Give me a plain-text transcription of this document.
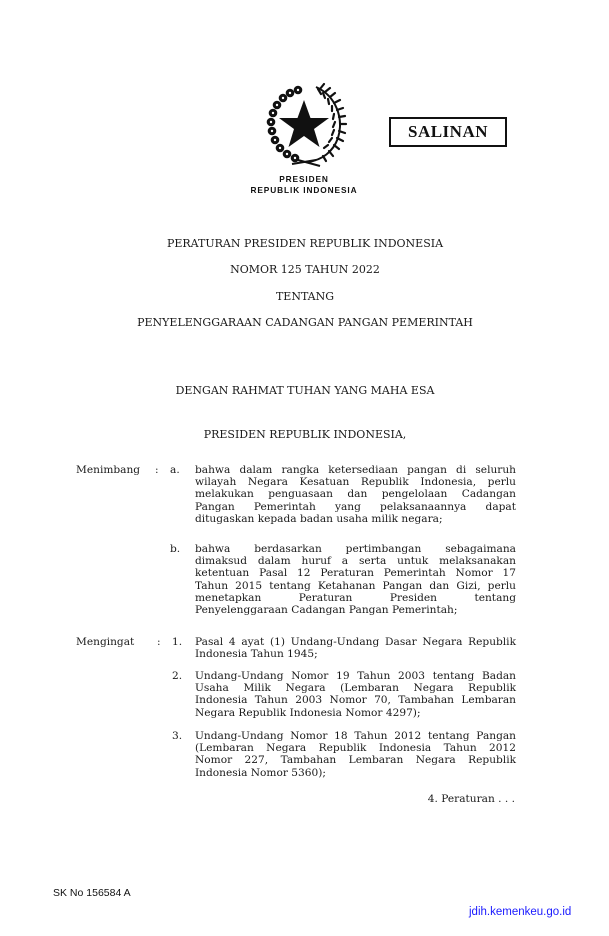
SALINAN
PRESIDEN
REPUBLIK INDONESIA
PERATURAN PRESIDEN REPUBLIK INDONESIA
NOMOR 125 TAHUN 2022
TENTANG
PENYELENGGARAAN CADANGAN PANGAN PEMERINTAH
DENGAN RAHMAT TUHAN YANG MAHA ESA
PRESIDEN REPUBLIK INDONESIA,
Menimbang : a. bahwa dalam rangka ketersediaan pangan di seluruh
wilayah Negara Kesatuan Republik Indonesia, perlu
melakukan penguasaan dan pengelolaan Cadangan
Pangan Pemerintah yang pelaksanaannya dapat
ditugaskan kepada badan usaha milik negara;
b. bahwa berdasarkan pertimbangan sebagaimana
dimaksud dalam huruf a serta untuk melaksanakan
ketentuan Pasal 12 Peraturan Pemerintah Nomor 17
Tahun 2015 tentang Ketahanan Pangan dan Gizi, perlu
menetapkan Peraturan Presiden tentang
Penyelenggaraan Cadangan Pangan Pemerintah;
Mengingat : 1. Pasal 4 ayat (1) Undang-Undang Dasar Negara Republik
Indonesia Tahun 1945;
2. Undang-Undang Nomor 19 Tahun 2003 tentang Badan
Usaha Milik Negara (Lembaran Negara Republik
Indonesia Tahun 2003 Nomor 70, Tambahan Lembaran
Negara Republik Indonesia Nomor 4297);
3. Undang-Undang Nomor 18 Tahun 2012 tentang Pangan
(Lembaran Negara Republik Indonesia Tahun 2012
Nomor 227, Tambahan Lembaran Negara Republik
Indonesia Nomor 5360);
4. Peraturan . . .
SK No 156584 A
jdih.kemenkeu.go.id
